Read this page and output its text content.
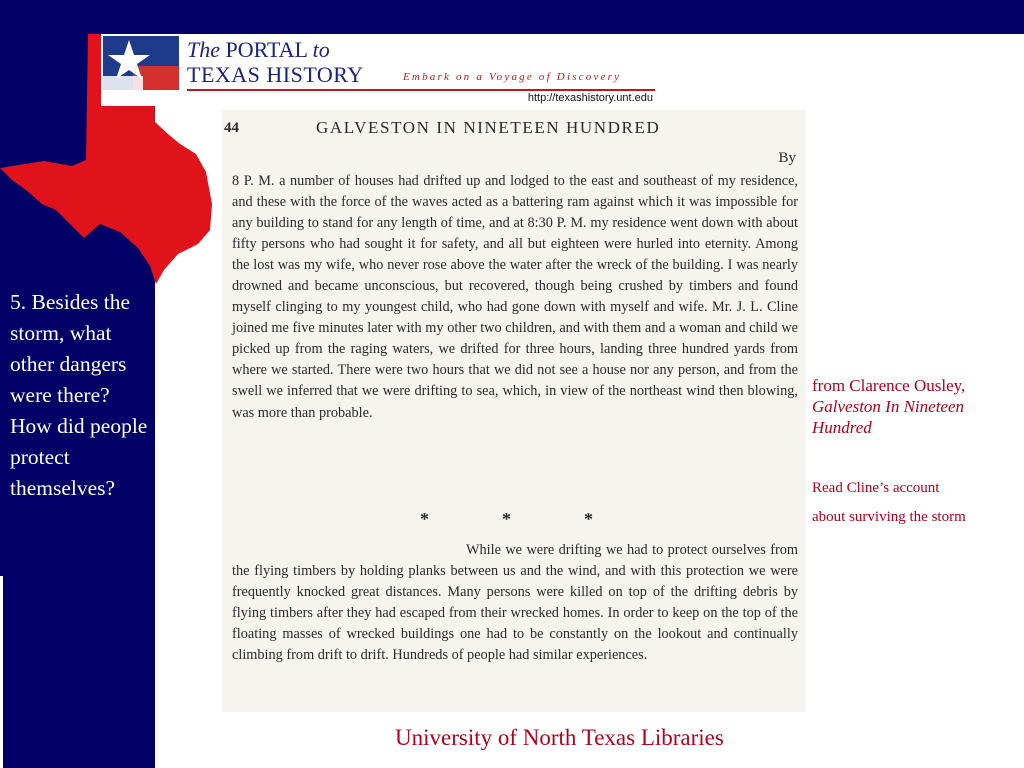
The PORTAL to
TEXAS HISTORY	Embark on a Voyage of Discovery
http://texashistory.unt.edu
44	GALVESTON IN NINETEEN HUNDRED
By

8 P. M. a number of houses had drifted up and lodged to the east and southeast of my residence, and these with the force of the waves acted as a battering ram against which it was impossible for any building to stand for any length of time, and at 8:30 P. M. my residence went down with about fifty persons who had sought it for safety, and all but eighteen were hurled into eternity. Among the lost was my wife, who never rose above the water after the wreck of the building. I was nearly drowned and became unconscious, but recovered, though being crushed by timbers and found myself clinging to my youngest child, who had gone down with myself and wife. Mr. J. L. Cline joined me five minutes later with my other two children, and with them and a woman and child we picked up from the raging waters, we drifted for three hours, landing three hundred yards from where we started. There were two hours that we did not see a house nor any person, and from the swell we inferred that we were drifting to sea, which, in view of the northeast wind then blowing, was more than probable.

*	*	*

While we were drifting we had to protect ourselves from the flying timbers by holding planks between us and the wind, and with this protection we were frequently knocked great distances. Many persons were killed on top of the drifting debris by flying timbers after they had escaped from their wrecked homes. In order to keep on the top of the floating masses of wrecked buildings one had to be constantly on the lookout and continually climbing from drift to drift. Hundreds of people had similar experiences.

5. Besides the storm, what other dangers were there? How did people protect themselves?
from Clarence Ousley,
Galveston In Nineteen Hundred
Read Cline’s account
about surviving the storm
University of North Texas Libraries
